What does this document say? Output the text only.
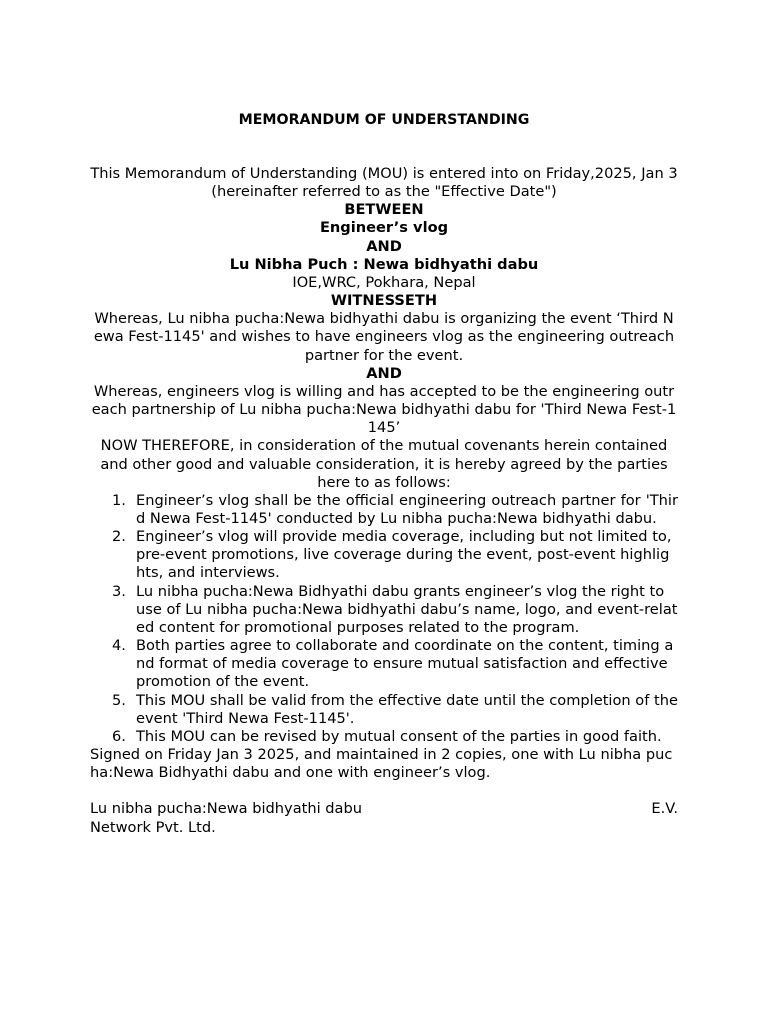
MEMORANDUM OF UNDERSTANDING
This Memorandum of Understanding (MOU) is entered into on Friday,2025, Jan 3 (hereinafter referred to as the "Effective Date")
BETWEEN
Engineer’s vlog
AND
Lu Nibha Puch : Newa bidhyathi dabu
IOE,WRC, Pokhara, Nepal
WITNESSETH
Whereas, Lu nibha pucha:Newa bidhyathi dabu is organizing the event ‘Third Newa Fest-1145' and wishes to have engineers vlog as the engineering outreach partner for the event.
AND
Whereas, engineers vlog is willing and has accepted to be the engineering outreach partnership of Lu nibha pucha:Newa bidhyathi dabu for 'Third Newa Fest-1145’
NOW THEREFORE, in consideration of the mutual covenants herein contained and other good and valuable consideration, it is hereby agreed by the parties here to as follows:
1. Engineer’s vlog shall be the official engineering outreach partner for 'Third Newa Fest-1145' conducted by Lu nibha pucha:Newa bidhyathi dabu.
2. Engineer’s vlog will provide media coverage, including but not limited to, pre-event promotions, live coverage during the event, post-event highlights, and interviews.
3. Lu nibha pucha:Newa Bidhyathi dabu grants engineer’s vlog the right to use of Lu nibha pucha:Newa bidhyathi dabu’s name, logo, and event-related content for promotional purposes related to the program.
4. Both parties agree to collaborate and coordinate on the content, timing and format of media coverage to ensure mutual satisfaction and effective promotion of the event.
5. This MOU shall be valid from the effective date until the completion of the event 'Third Newa Fest-1145'.
6. This MOU can be revised by mutual consent of the parties in good faith.
Signed on Friday Jan 3 2025, and maintained in 2 copies, one with Lu nibha pucha:Newa Bidhyathi dabu and one with engineer’s vlog.
Lu nibha pucha:Newa bidhyathi dabu	E.V.
Network Pvt. Ltd.
